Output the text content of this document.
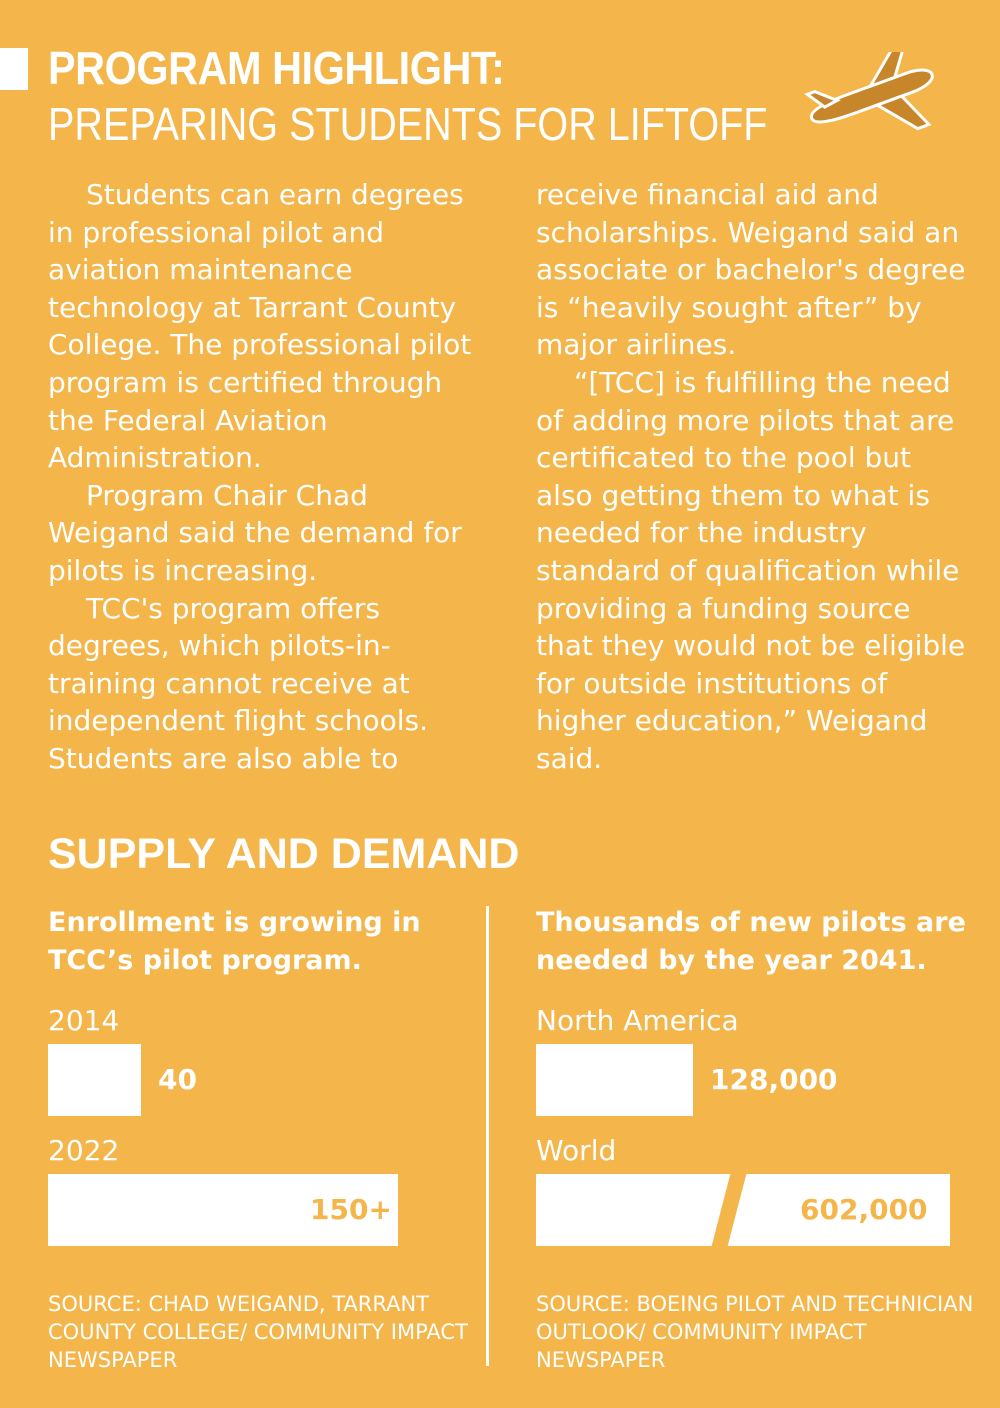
PROGRAM HIGHLIGHT:
PREPARING STUDENTS FOR LIFTOFF

Students can earn degrees in professional pilot and aviation maintenance technology at Tarrant County College. The professional pilot program is certified through the Federal Aviation Administration.

Program Chair Chad Weigand said the demand for pilots is increasing.

TCC's program offers degrees, which pilots-in-training cannot receive at independent flight schools. Students are also able to

receive financial aid and scholarships. Weigand said an associate or bachelor's degree is “heavily sought after” by major airlines.

“[TCC] is fulfilling the need of adding more pilots that are certificated to the pool but also getting them to what is needed for the industry standard of qualification while providing a funding source that they would not be eligible for outside institutions of higher education,” Weigand said.

SUPPLY AND DEMAND
Enrollment is growing in TCC’s pilot program.
2014
40
2022
150+
SOURCE: CHAD WEIGAND, TARRANT COUNTY COLLEGE/ COMMUNITY IMPACT NEWSPAPER
Thousands of new pilots are needed by the year 2041.
North America
128,000
World
602,000
SOURCE: BOEING PILOT AND TECHNICIAN OUTLOOK/ COMMUNITY IMPACT NEWSPAPER
